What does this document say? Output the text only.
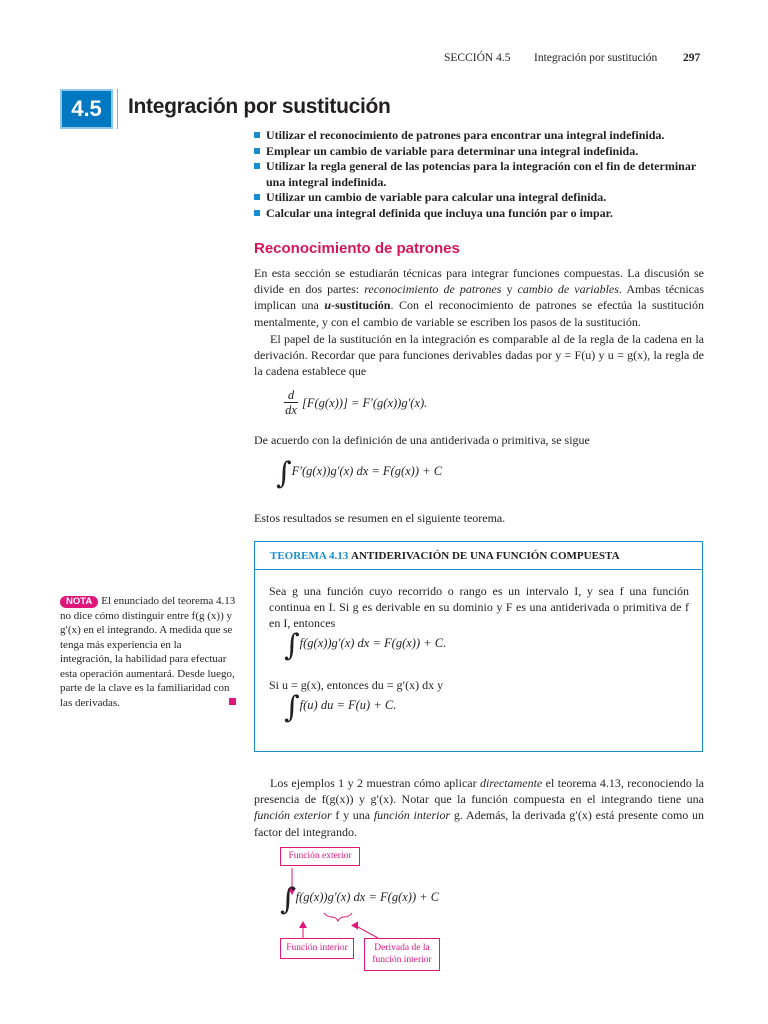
SECCIÓN 4.5 Integración por sustitución 297
4.5	Integración por sustitución
Utilizar el reconocimiento de patrones para encontrar una integral indefinida.
Emplear un cambio de variable para determinar una integral indefinida.
Utilizar la regla general de las potencias para la integración con el fin de determinar una integral indefinida.
Utilizar un cambio de variable para calcular una integral definida.
Calcular una integral definida que incluya una función par o impar.
Reconocimiento de patrones

En esta sección se estudiarán técnicas para integrar funciones compuestas. La discusión se divide en dos partes: reconocimiento de patrones y cambio de variables. Ambas técnicas implican una u-sustitución. Con el reconocimiento de patrones se efectúa la sustitución mentalmente, y con el cambio de variable se escriben los pasos de la sustitución.

El papel de la sustitución en la integración es comparable al de la regla de la cadena en la derivación. Recordar que para funciones derivables dadas por y = F(u) y u = g(x), la regla de la cadena establece que

d
dx [F(g(x))] = F′(g(x))g′(x).

De acuerdo con la definición de una antiderivada o primitiva, se sigue

∫F′(g(x))g′(x) dx = F(g(x)) + C

Estos resultados se resumen en el siguiente teorema.

TEOREMA 4.13 ANTIDERIVACIÓN DE UNA FUNCIÓN COMPUESTA

Sea g una función cuyo recorrido o rango es un intervalo I, y sea f una función continua en I. Si g es derivable en su dominio y F es una antiderivada o primitiva de f en I, entonces

∫f(g(x))g′(x) dx = F(g(x)) + C.

Si u = g(x), entonces du = g′(x) dx y

∫f(u) du = F(u) + C.

NOTA El enunciado del teorema 4.13 no dice cómo distinguir entre f(g (x)) y g′(x) en el integrando. A medida que se tenga más experiencia en la integración, la habilidad para efectuar esta operación aumentará. Desde luego, parte de la clave es la familiaridad con las derivadas.

Los ejemplos 1 y 2 muestran cómo aplicar directamente el teorema 4.13, reconociendo la presencia de f(g(x)) y g′(x). Notar que la función compuesta en el integrando tiene una función exterior f y una función interior g. Además, la derivada g′(x) está presente como un factor del integrando.

Función exterior
∫f(g(x))g′(x) dx = F(g(x)) + C
Función interior	Derivada de la función interior
